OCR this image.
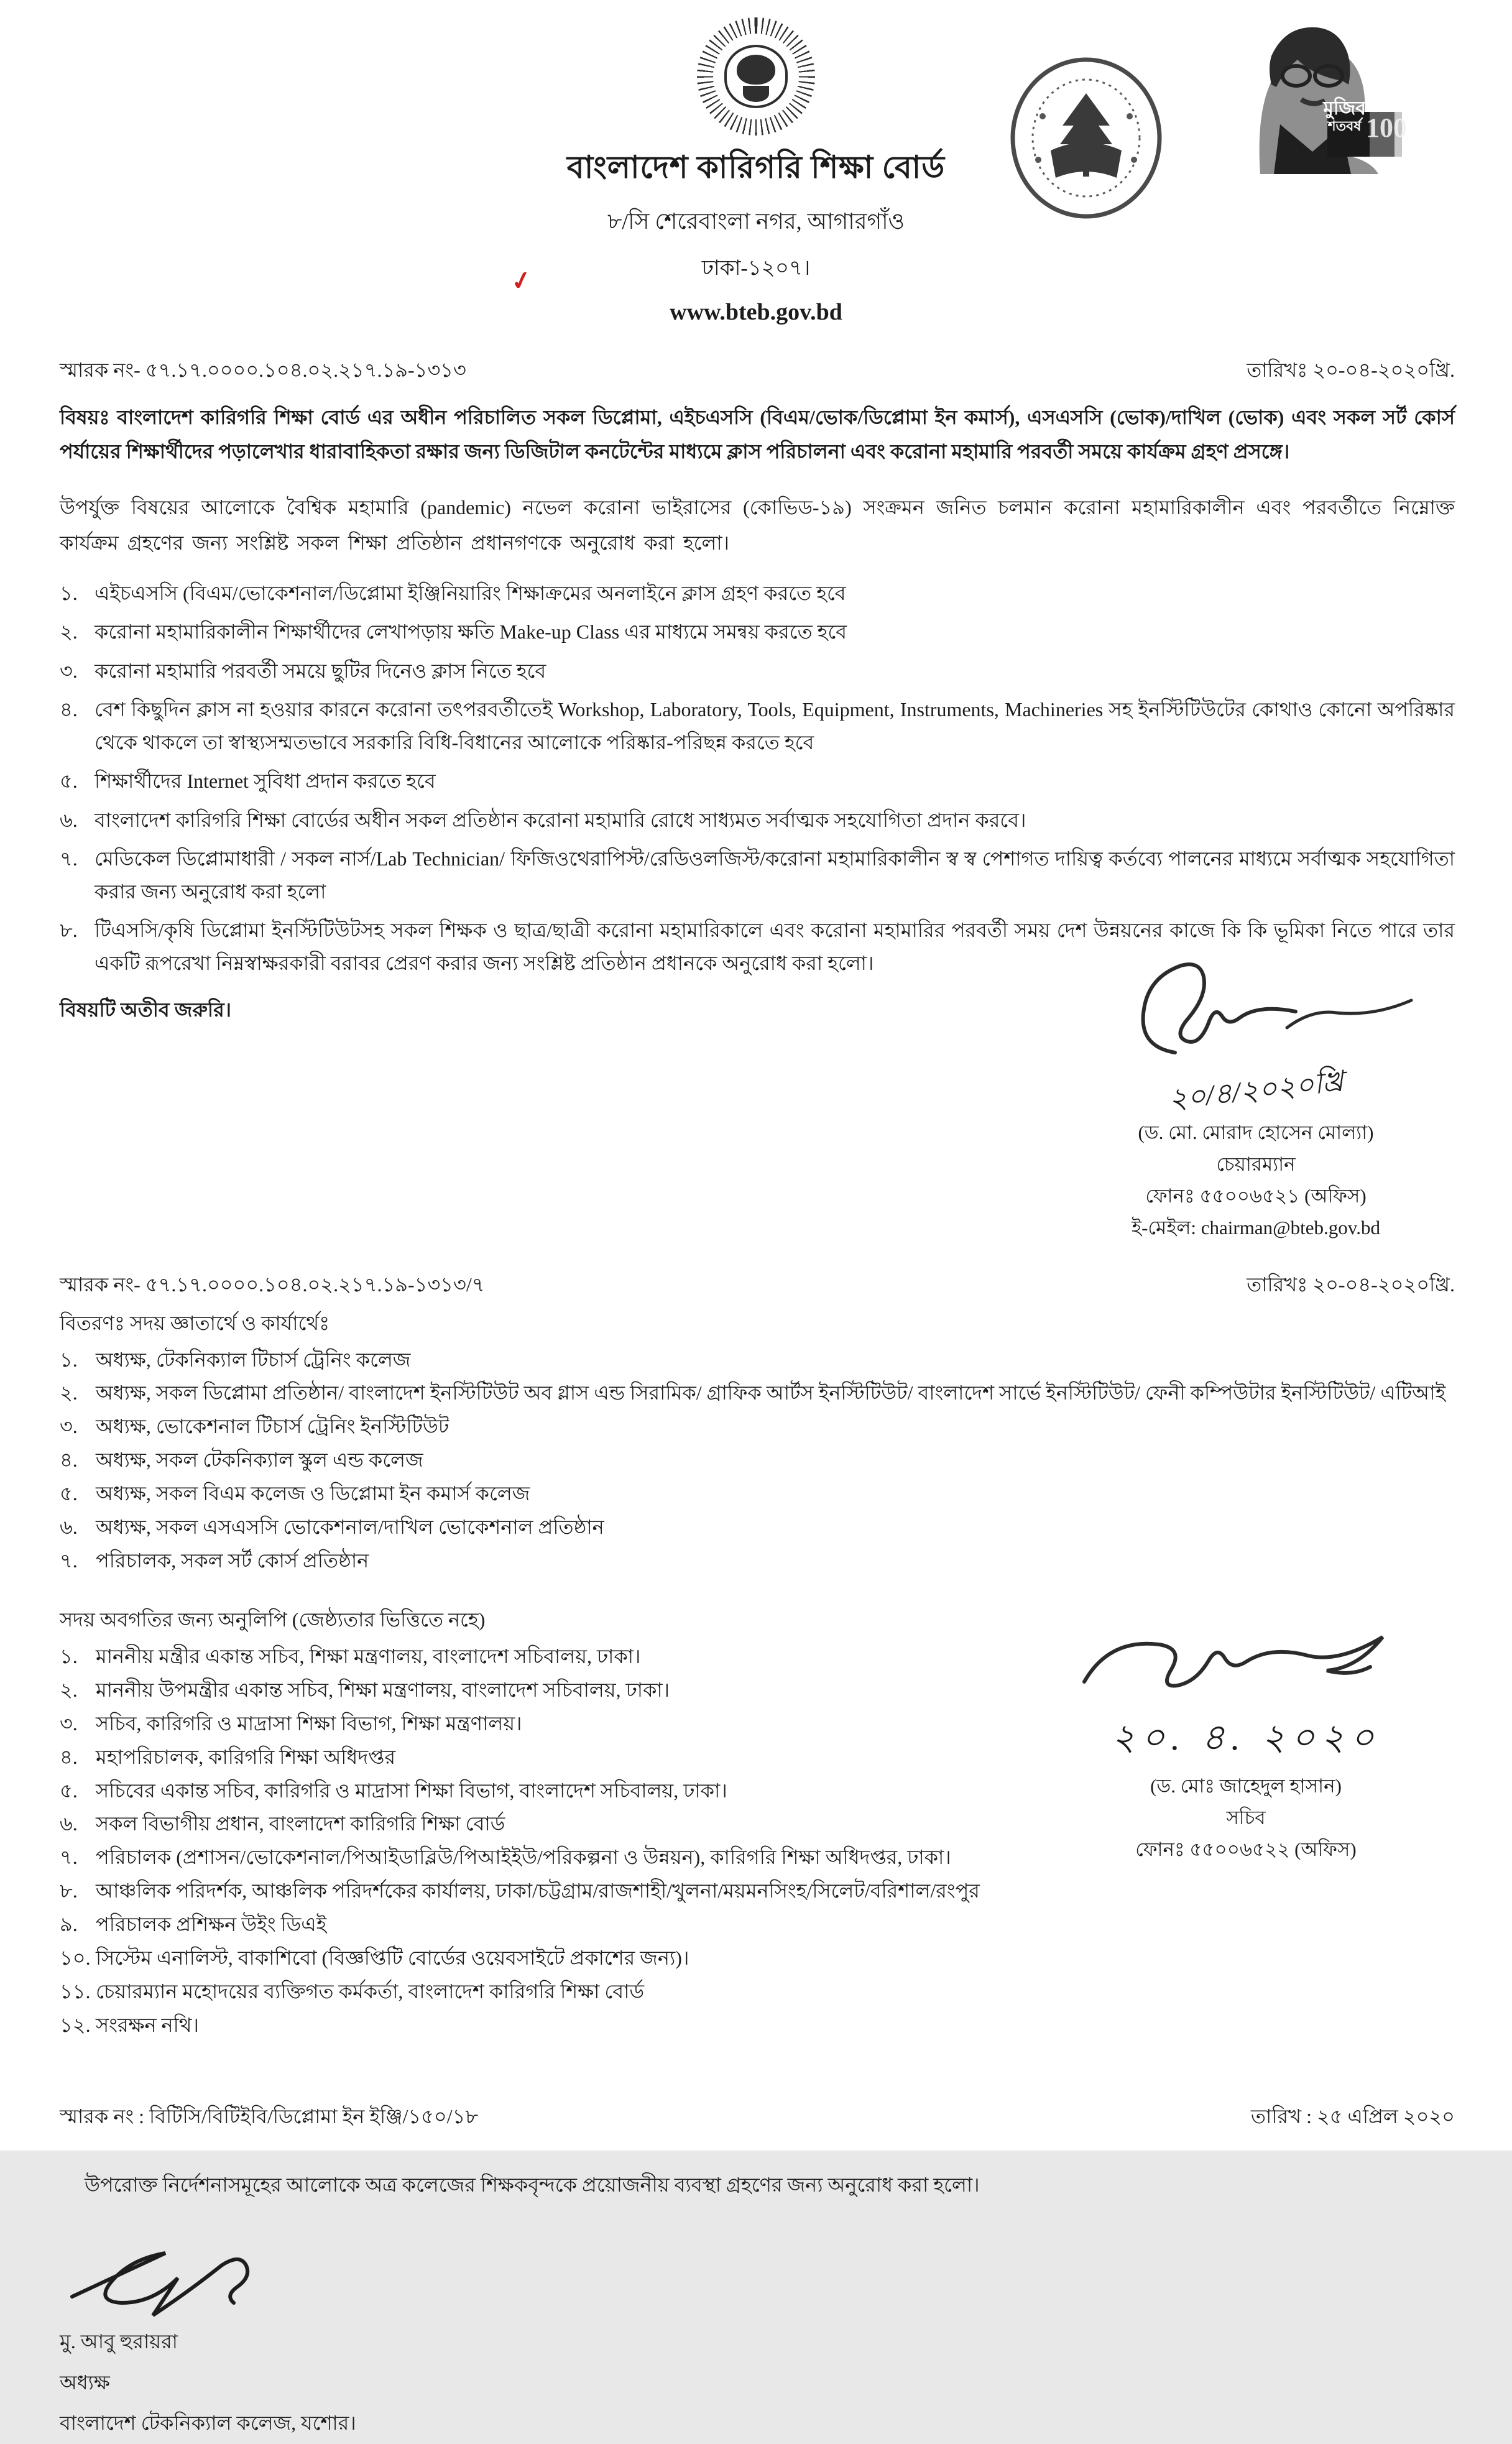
মুজিব
শতবর্ষ 100
বাংলাদেশ কারিগরি শিক্ষা বোর্ড
৮/সি শেরেবাংলা নগর, আগারগাঁও
ঢাকা-১২০৭।
www.bteb.gov.bd
✓
স্মারক নং- ৫৭.১৭.০০০০.১০৪.০২.২১৭.১৯-১৩১৩	তারিখঃ ২০-০৪-২০২০খ্রি.

বিষয়ঃ বাংলাদেশ কারিগরি শিক্ষা বোর্ড এর অধীন পরিচালিত সকল ডিপ্লোমা, এইচএসসি (বিএম/ভোক/ডিপ্লোমা ইন কমার্স), এসএসসি (ভোক)/দাখিল (ভোক) এবং সকল সর্ট কোর্স পর্যায়ের শিক্ষার্থীদের পড়ালেখার ধারাবাহিকতা রক্ষার জন্য ডিজিটাল কনটেন্টের মাধ্যমে ক্লাস পরিচালনা এবং করোনা মহামারি পরবর্তী সময়ে কার্যক্রম গ্রহণ প্রসঙ্গে।

উপর্যুক্ত বিষয়ের আলোকে বৈশ্বিক মহামারি (pandemic) নভেল করোনা ভাইরাসের (কোভিড-১৯) সংক্রমন জনিত চলমান করোনা মহামারিকালীন এবং পরবর্তীতে নিম্নোক্ত কার্যক্রম গ্রহণের জন্য সংশ্লিষ্ট সকল শিক্ষা প্রতিষ্ঠান প্রধানগণকে অনুরোধ করা হলো।

১. এইচএসসি (বিএম/ভোকেশনাল/ডিপ্লোমা ইঞ্জিনিয়ারিং শিক্ষাক্রমের অনলাইনে ক্লাস গ্রহণ করতে হবে
২. করোনা মহামারিকালীন শিক্ষার্থীদের লেখাপড়ায় ক্ষতি Make-up Class এর মাধ্যমে সমন্বয় করতে হবে
৩. করোনা মহামারি পরবর্তী সময়ে ছুটির দিনেও ক্লাস নিতে হবে
৪. বেশ কিছুদিন ক্লাস না হওয়ার কারনে করোনা তৎপরবর্তীতেই Workshop, Laboratory, Tools, Equipment, Instruments, Machineries সহ ইনস্টিটিউটের কোথাও কোনো অপরিষ্কার থেকে থাকলে তা স্বাস্থ্যসম্মতভাবে সরকারি বিধি-বিধানের আলোকে পরিষ্কার-পরিছন্ন করতে হবে
৫. শিক্ষার্থীদের Internet সুবিধা প্রদান করতে হবে
৬. বাংলাদেশ কারিগরি শিক্ষা বোর্ডের অধীন সকল প্রতিষ্ঠান করোনা মহামারি রোধে সাধ্যমত সর্বাত্মক সহযোগিতা প্রদান করবে।
৭. মেডিকেল ডিপ্লোমাধারী / সকল নার্স/Lab Technician/ ফিজিওথেরাপিস্ট/রেডিওলজিস্ট/করোনা মহামারিকালীন স্ব স্ব পেশাগত দায়িত্ব কর্তব্যে পালনের মাধ্যমে সর্বাত্মক সহযোগিতা করার জন্য অনুরোধ করা হলো
৮. টিএসসি/কৃষি ডিপ্লোমা ইনস্টিটিউটসহ সকল শিক্ষক ও ছাত্র/ছাত্রী করোনা মহামারিকালে এবং করোনা মহামারির পরবর্তী সময় দেশ উন্নয়নের কাজে কি কি ভূমিকা নিতে পারে তার একটি রূপরেখা নিম্নস্বাক্ষরকারী বরাবর প্রেরণ করার জন্য সংশ্লিষ্ট প্রতিষ্ঠান প্রধানকে অনুরোধ করা হলো।
বিষয়টি অতীব জরুরি।
২০/৪/২০২০খ্রি
(ড. মো. মোরাদ হোসেন মোল্যা)
চেয়ারম্যান
ফোনঃ ৫৫০০৬৫২১ (অফিস)
ই-মেইল: chairman@bteb.gov.bd
স্মারক নং- ৫৭.১৭.০০০০.১০৪.০২.২১৭.১৯-১৩১৩/৭	তারিখঃ ২০-০৪-২০২০খ্রি.
বিতরণঃ সদয় জ্ঞাতার্থে ও কার্যার্থেঃ
১. অধ্যক্ষ, টেকনিক্যাল টিচার্স ট্রেনিং কলেজ
২. অধ্যক্ষ, সকল ডিপ্লোমা প্রতিষ্ঠান/ বাংলাদেশ ইনস্টিটিউট অব গ্লাস এন্ড সিরামিক/ গ্রাফিক আর্টস ইনস্টিটিউট/ বাংলাদেশ সার্ভে ইনস্টিটিউট/ ফেনী কম্পিউটার ইনস্টিটিউট/ এটিআই
৩. অধ্যক্ষ, ভোকেশনাল টিচার্স ট্রেনিং ইনস্টিটিউট
৪. অধ্যক্ষ, সকল টেকনিক্যাল স্কুল এন্ড কলেজ
৫. অধ্যক্ষ, সকল বিএম কলেজ ও ডিপ্লোমা ইন কমার্স কলেজ
৬. অধ্যক্ষ, সকল এসএসসি ভোকেশনাল/দাখিল ভোকেশনাল প্রতিষ্ঠান
৭. পরিচালক, সকল সর্ট কোর্স প্রতিষ্ঠান
সদয় অবগতির জন্য অনুলিপি (জেষ্ঠ্যতার ভিত্তিতে নহে)
১. মাননীয় মন্ত্রীর একান্ত সচিব, শিক্ষা মন্ত্রণালয়, বাংলাদেশ সচিবালয়, ঢাকা।
২. মাননীয় উপমন্ত্রীর একান্ত সচিব, শিক্ষা মন্ত্রণালয়, বাংলাদেশ সচিবালয়, ঢাকা।
৩. সচিব, কারিগরি ও মাদ্রাসা শিক্ষা বিভাগ, শিক্ষা মন্ত্রণালয়।
৪. মহাপরিচালক, কারিগরি শিক্ষা অধিদপ্তর
৫. সচিবের একান্ত সচিব, কারিগরি ও মাদ্রাসা শিক্ষা বিভাগ, বাংলাদেশ সচিবালয়, ঢাকা।
৬. সকল বিভাগীয় প্রধান, বাংলাদেশ কারিগরি শিক্ষা বোর্ড
৭. পরিচালক (প্রশাসন/ভোকেশনাল/পিআইডাব্লিউ/পিআইইউ/পরিকল্পনা ও উন্নয়ন), কারিগরি শিক্ষা অধিদপ্তর, ঢাকা।
৮. আঞ্চলিক পরিদর্শক, আঞ্চলিক পরিদর্শকের কার্যালয়, ঢাকা/চট্টগ্রাম/রাজশাহী/খুলনা/ময়মনসিংহ/সিলেট/বরিশাল/রংপুর
৯. পরিচালক প্রশিক্ষন উইং ডিএই
১০. সিস্টেম এনালিস্ট, বাকাশিবো (বিজ্ঞপ্তিটি বোর্ডের ওয়েবসাইটে প্রকাশের জন্য)।
১১. চেয়ারম্যান মহোদয়ের ব্যক্তিগত কর্মকর্তা, বাংলাদেশ কারিগরি শিক্ষা বোর্ড
১২. সংরক্ষন নথি।
স্মারক নং : বিটিসি/বিটিইবি/ডিপ্লোমা ইন ইঞ্জি/১৫০/১৮	তারিখ : ২৫ এপ্রিল ২০২০

উপরোক্ত নির্দেশনাসমূহের আলোকে অত্র কলেজের শিক্ষকবৃন্দকে প্রয়োজনীয় ব্যবস্থা গ্রহণের জন্য অনুরোধ করা হলো।

মু. আবু হুরায়রা
অধ্যক্ষ
বাংলাদেশ টেকনিক্যাল কলেজ, যশোর।
২০. ৪. ২০২০
(ড. মোঃ জাহেদুল হাসান)
সচিব
ফোনঃ ৫৫০০৬৫২২ (অফিস)
